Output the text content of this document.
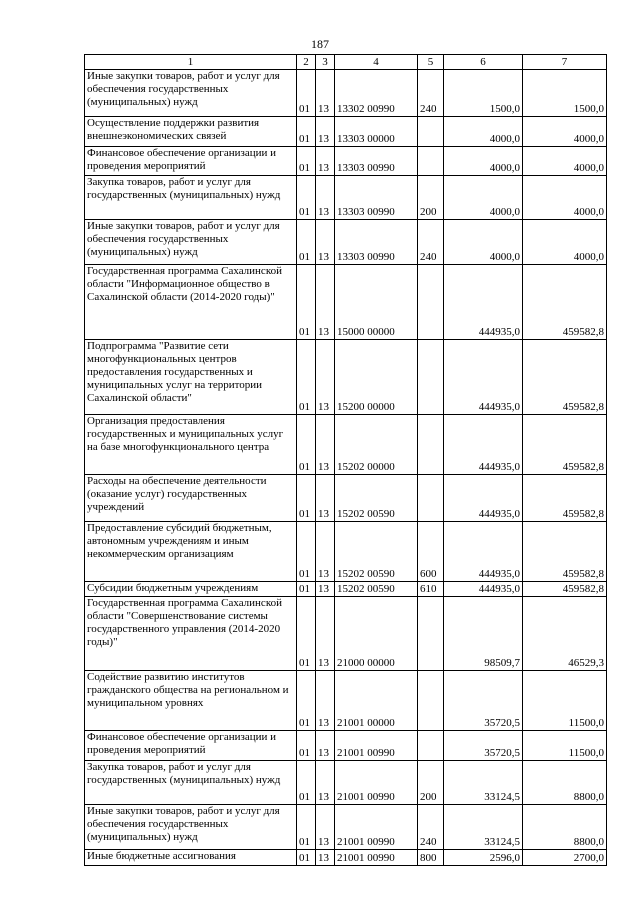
187
1	2	3	4	5	6	7
Иные закупки товаров, работ и услуг для обеспечения государственных (муниципальных) нужд	01	13	13302 00990	240	1500,0	1500,0
Осуществление поддержки развития внешнеэкономических связей	01	13	13303 00000		4000,0	4000,0
Финансовое обеспечение организации и проведения мероприятий	01	13	13303 00990		4000,0	4000,0
Закупка товаров, работ и услуг для государственных (муниципальных) нужд	01	13	13303 00990	200	4000,0	4000,0
Иные закупки товаров, работ и услуг для обеспечения государственных (муниципальных) нужд	01	13	13303 00990	240	4000,0	4000,0
Государственная программа Сахалинской области "Информационное общество в Сахалинской области (2014-2020 годы)"	01	13	15000 00000		444935,0	459582,8
Подпрограмма "Развитие сети многофункциональных центров предоставления государственных и муниципальных услуг на территории Сахалинской области"	01	13	15200 00000		444935,0	459582,8
Организация предоставления государственных и муниципальных услуг на базе многофункционального центра	01	13	15202 00000		444935,0	459582,8
Расходы на обеспечение деятельности (оказание услуг) государственных учреждений	01	13	15202 00590		444935,0	459582,8
Предоставление субсидий бюджетным, автономным учреждениям и иным некоммерческим организациям	01	13	15202 00590	600	444935,0	459582,8
Субсидии бюджетным учреждениям	01	13	15202 00590	610	444935,0	459582,8
Государственная программа Сахалинской области "Совершенствование системы государственного управления (2014-2020 годы)"	01	13	21000 00000		98509,7	46529,3
Содействие развитию институтов гражданского общества на региональном и муниципальном уровнях	01	13	21001 00000		35720,5	11500,0
Финансовое обеспечение организации и проведения мероприятий	01	13	21001 00990		35720,5	11500,0
Закупка товаров, работ и услуг для государственных (муниципальных) нужд	01	13	21001 00990	200	33124,5	8800,0
Иные закупки товаров, работ и услуг для обеспечения государственных (муниципальных) нужд	01	13	21001 00990	240	33124,5	8800,0
Иные бюджетные ассигнования	01	13	21001 00990	800	2596,0	2700,0
